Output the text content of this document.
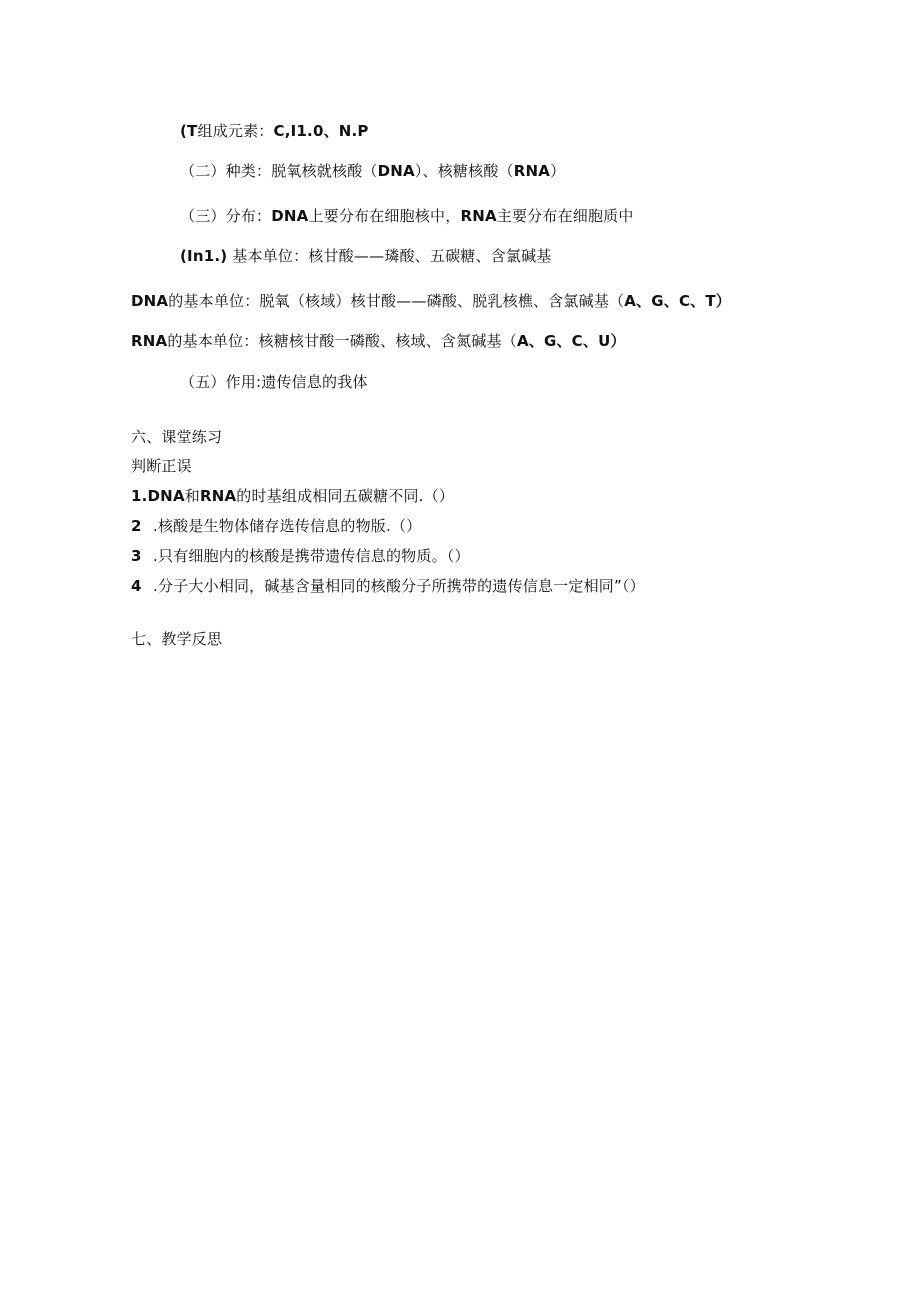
(T组成元素：C,I1.0、N.P
（二）种类：脱氧核就核酸（DNA）、核糖核酸（RNA）
（三）分布：DNA上要分布在细胞核中，RNA主要分布在细胞质中
(In1.) 基本单位：核甘酸——璘酸、五碳糖、含氯碱基
DNA的基本单位：脱氧（核域）核甘酸——磷酸、脱乳核樵、含氯碱基（A、G、C、T）
RNA的基本单位：核糖核甘酸一磷酸、核域、含氮碱基（A、G、C、U）
（五）作用:遗传信息的我体
六、课堂练习
判断正误
1.DNA和RNA的时基组成相同五碳糖不同.（）
2 .核酸是生物体储存选传信息的物版.（）
3 .只有细胞内的核酸是携带遗传信息的物质。（）
4 .分子大小相同，碱基含量相同的核酸分子所携带的遗传信息一定相同”（）
七、教学反思
